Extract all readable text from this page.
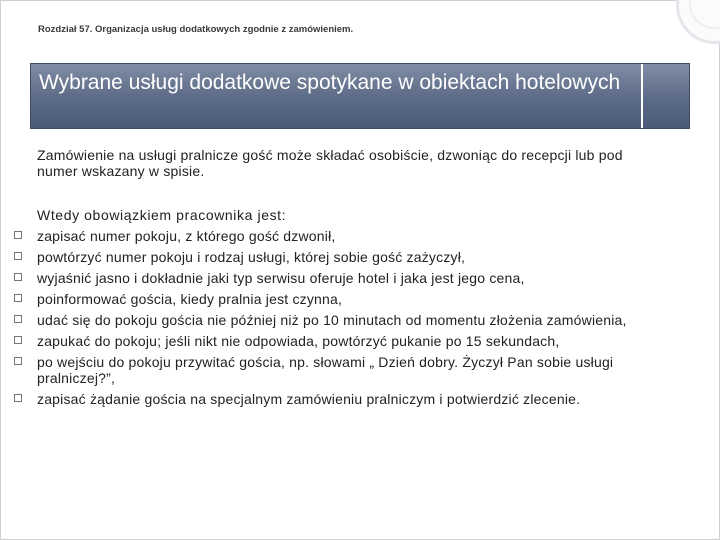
Rozdział 57. Organizacja usług dodatkowych zgodnie z zamówieniem.
Wybrane usługi dodatkowe spotykane w obiektach hotelowych
Zamówienie na usługi pralnicze gość może składać osobiście, dzwoniąc do recepcji lub pod numer wskazany w spisie.
Wtedy obowiązkiem pracownika jest:
zapisać numer pokoju, z którego gość dzwonił,
powtórzyć numer pokoju i rodzaj usługi, której sobie gość zażyczył,
wyjaśnić jasno i dokładnie jaki typ serwisu oferuje hotel i jaka jest jego cena,
poinformować gościa, kiedy pralnia jest czynna,
udać się do pokoju gościa nie później niż po 10 minutach od momentu złożenia zamówienia,
zapukać do pokoju; jeśli nikt nie odpowiada, powtórzyć pukanie po 15 sekundach,
po wejściu do pokoju przywitać gościa, np. słowami „ Dzień dobry. Życzył Pan sobie usługi pralniczej?”,
zapisać żądanie gościa na specjalnym zamówieniu pralniczym i potwierdzić zlecenie.
